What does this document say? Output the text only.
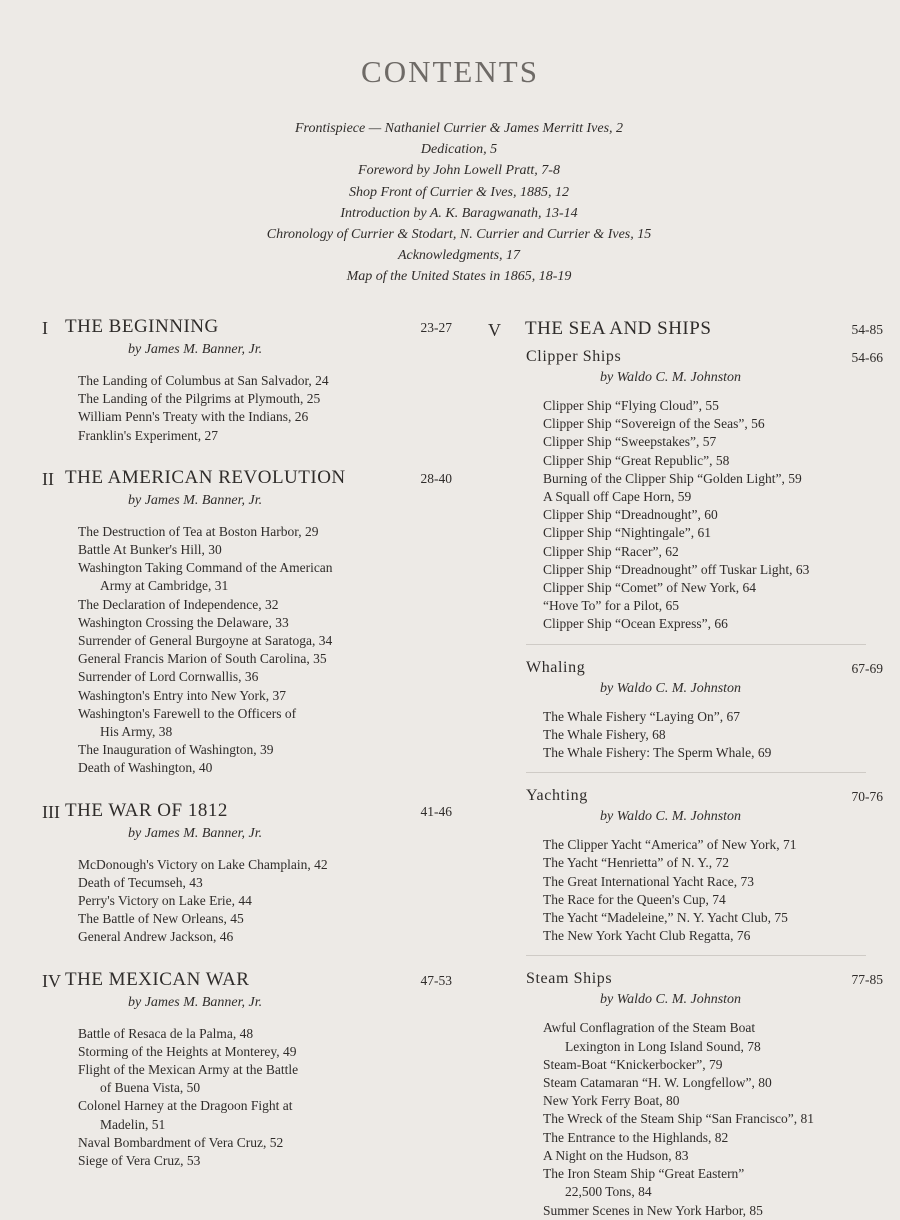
CONTENTS
Frontispiece — Nathaniel Currier & James Merritt Ives, 2
Dedication, 5
Foreword by John Lowell Pratt, 7-8
Shop Front of Currier & Ives, 1885, 12
Introduction by A. K. Baragwanath, 13-14
Chronology of Currier & Stodart, N. Currier and Currier & Ives, 15
Acknowledgments, 17
Map of the United States in 1865, 18-19
I THE BEGINNING	23-27
by James M. Banner, Jr.
The Landing of Columbus at San Salvador, 24
The Landing of the Pilgrims at Plymouth, 25
William Penn's Treaty with the Indians, 26
Franklin's Experiment, 27
II THE AMERICAN REVOLUTION	28-40
by James M. Banner, Jr.
The Destruction of Tea at Boston Harbor, 29
Battle At Bunker's Hill, 30
Washington Taking Command of the American
Army at Cambridge, 31
The Declaration of Independence, 32
Washington Crossing the Delaware, 33
Surrender of General Burgoyne at Saratoga, 34
General Francis Marion of South Carolina, 35
Surrender of Lord Cornwallis, 36
Washington's Entry into New York, 37
Washington's Farewell to the Officers of
His Army, 38
The Inauguration of Washington, 39
Death of Washington, 40
III THE WAR OF 1812	41-46
by James M. Banner, Jr.
McDonough's Victory on Lake Champlain, 42
Death of Tecumseh, 43
Perry's Victory on Lake Erie, 44
The Battle of New Orleans, 45
General Andrew Jackson, 46
IV THE MEXICAN WAR	47-53
by James M. Banner, Jr.
Battle of Resaca de la Palma, 48
Storming of the Heights at Monterey, 49
Flight of the Mexican Army at the Battle
of Buena Vista, 50
Colonel Harney at the Dragoon Fight at
Madelin, 51
Naval Bombardment of Vera Cruz, 52
Siege of Vera Cruz, 53
V	THE SEA AND SHIPS	54-85
Clipper Ships	54-66
by Waldo C. M. Johnston
Clipper Ship “Flying Cloud”, 55
Clipper Ship “Sovereign of the Seas”, 56
Clipper Ship “Sweepstakes”, 57
Clipper Ship “Great Republic”, 58
Burning of the Clipper Ship “Golden Light”, 59
A Squall off Cape Horn, 59
Clipper Ship “Dreadnought”, 60
Clipper Ship “Nightingale”, 61
Clipper Ship “Racer”, 62
Clipper Ship “Dreadnought” off Tuskar Light, 63
Clipper Ship “Comet” of New York, 64
“Hove To” for a Pilot, 65
Clipper Ship “Ocean Express”, 66
Whaling	67-69
by Waldo C. M. Johnston
The Whale Fishery “Laying On”, 67
The Whale Fishery, 68
The Whale Fishery: The Sperm Whale, 69
Yachting	70-76
by Waldo C. M. Johnston
The Clipper Yacht “America” of New York, 71
The Yacht “Henrietta” of N. Y., 72
The Great International Yacht Race, 73
The Race for the Queen's Cup, 74
The Yacht “Madeleine,” N. Y. Yacht Club, 75
The New York Yacht Club Regatta, 76
Steam Ships	77-85
by Waldo C. M. Johnston
Awful Conflagration of the Steam Boat
Lexington in Long Island Sound, 78
Steam-Boat “Knickerbocker”, 79
Steam Catamaran “H. W. Longfellow”, 80
New York Ferry Boat, 80
The Wreck of the Steam Ship “San Francisco”, 81
The Entrance to the Highlands, 82
A Night on the Hudson, 83
The Iron Steam Ship “Great Eastern”
22,500 Tons, 84
Summer Scenes in New York Harbor, 85
